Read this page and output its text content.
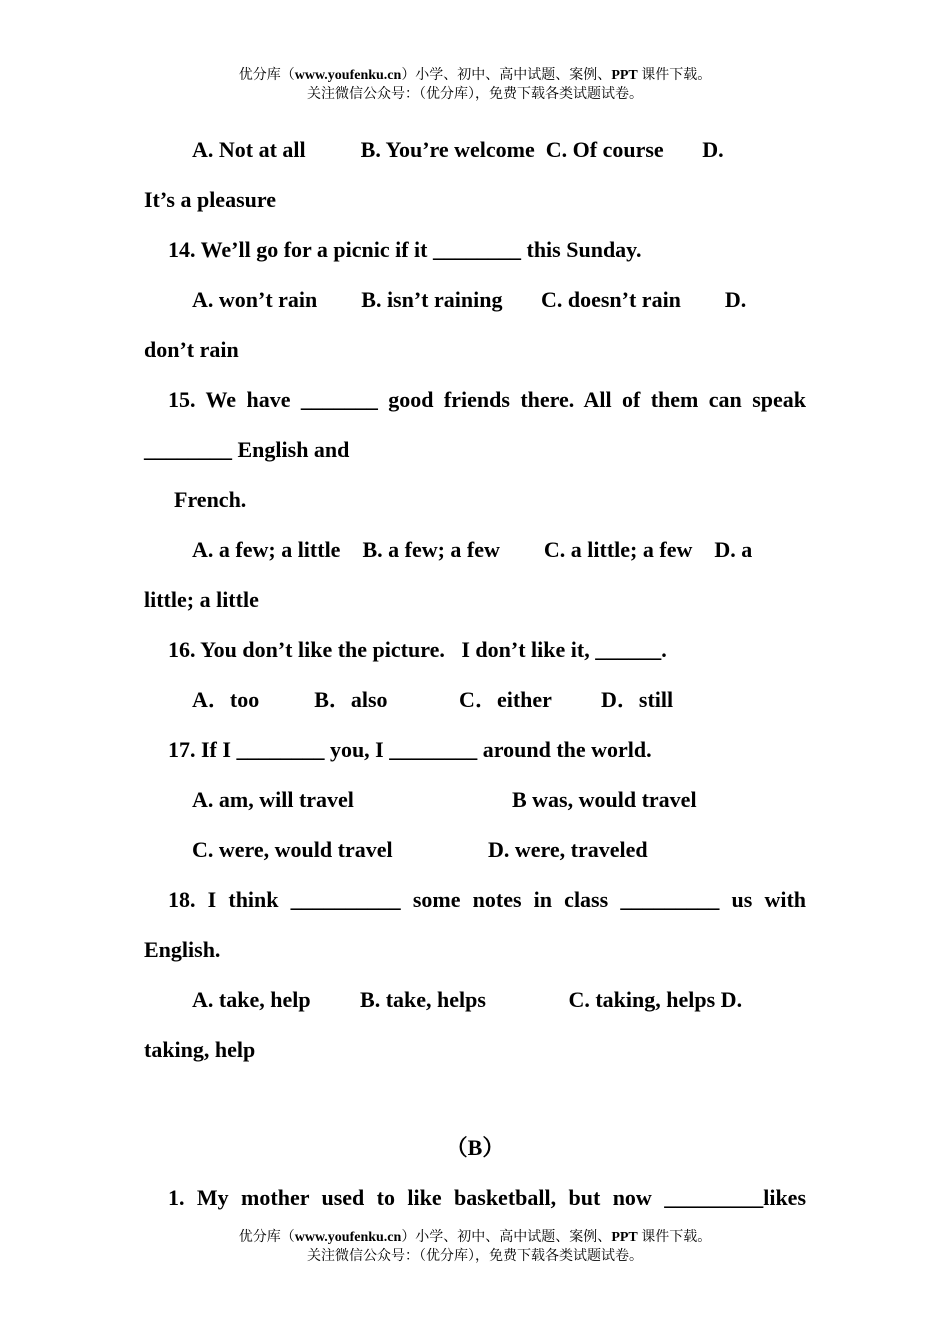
优分库（www.youfenku.cn）小学、初中、高中试题、案例、PPT 课件下载。
关注微信公众号：（优分库），免费下载各类试题试卷。
A. Not at all          B. You’re welcome  C. Of course       D.
It’s a pleasure
14. We’ll go for a picnic if it ________ this Sunday.
A. won’t rain        B. isn’t raining       C. doesn’t rain        D.
don’t rain
15. We have _______ good friends there. All of them can speak
________ English and
French.
A. a few; a little    B. a few; a few        C. a little; a few    D. a
little; a little
16. You don’t like the picture.   I don’t like it, ______.
A．too          B．also             C．either         D．still
17. If I ________ you, I ________ around the world.
A. am, will travel	B was, would travel
C. were, would travel	D. were, traveled
18. I think __________ some notes in class _________ us with
English.
A. take, help         B. take, helps               C. taking, helps D.
taking, help
（B）
1. My mother used to like basketball, but now _________likes
优分库（www.youfenku.cn）小学、初中、高中试题、案例、PPT 课件下载。
关注微信公众号：（优分库），免费下载各类试题试卷。
